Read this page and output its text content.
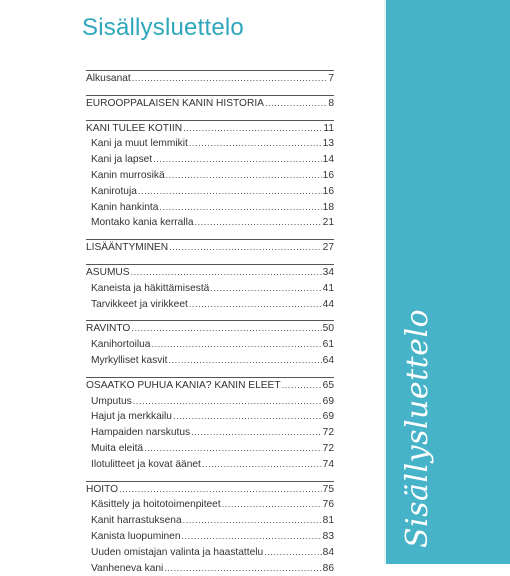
Sisällysluettelo
Alkusanat .....	7
EUROOPPALAISEN KANIN HISTORIA .....	8
KANI TULEE KOTIIN .....	11
Kani ja muut lemmikit .....	13
Kani ja lapset .....	14
Kanin murrosikä .....	16
Kanirotuja .....	16
Kanin hankinta .....	18
Montako kania kerralla .....	21
LISÄÄNTYMINEN .....	27
ASUMUS .....	34
Kaneista ja häkittämisestä .....	41
Tarvikkeet ja virikkeet .....	44
RAVINTO .....	50
Kanihortoilua .....	61
Myrkylliset kasvit .....	64
OSAATKO PUHUA KANIA? KANIN ELEET .....	65
Umputus .....	69
Hajut ja merkkailu .....	69
Hampaiden narskutus .....	72
Muita eleitä .....	72
Ilotulitteet ja kovat äänet .....	74
HOITO .....	75
Käsittely ja hoitotoimenpiteet .....	76
Kanit harrastuksena .....	81
Kanista luopuminen .....	83
Uuden omistajan valinta ja haastattelu .....	84
Vanheneva kani .....	86
Sisällysluettelo
